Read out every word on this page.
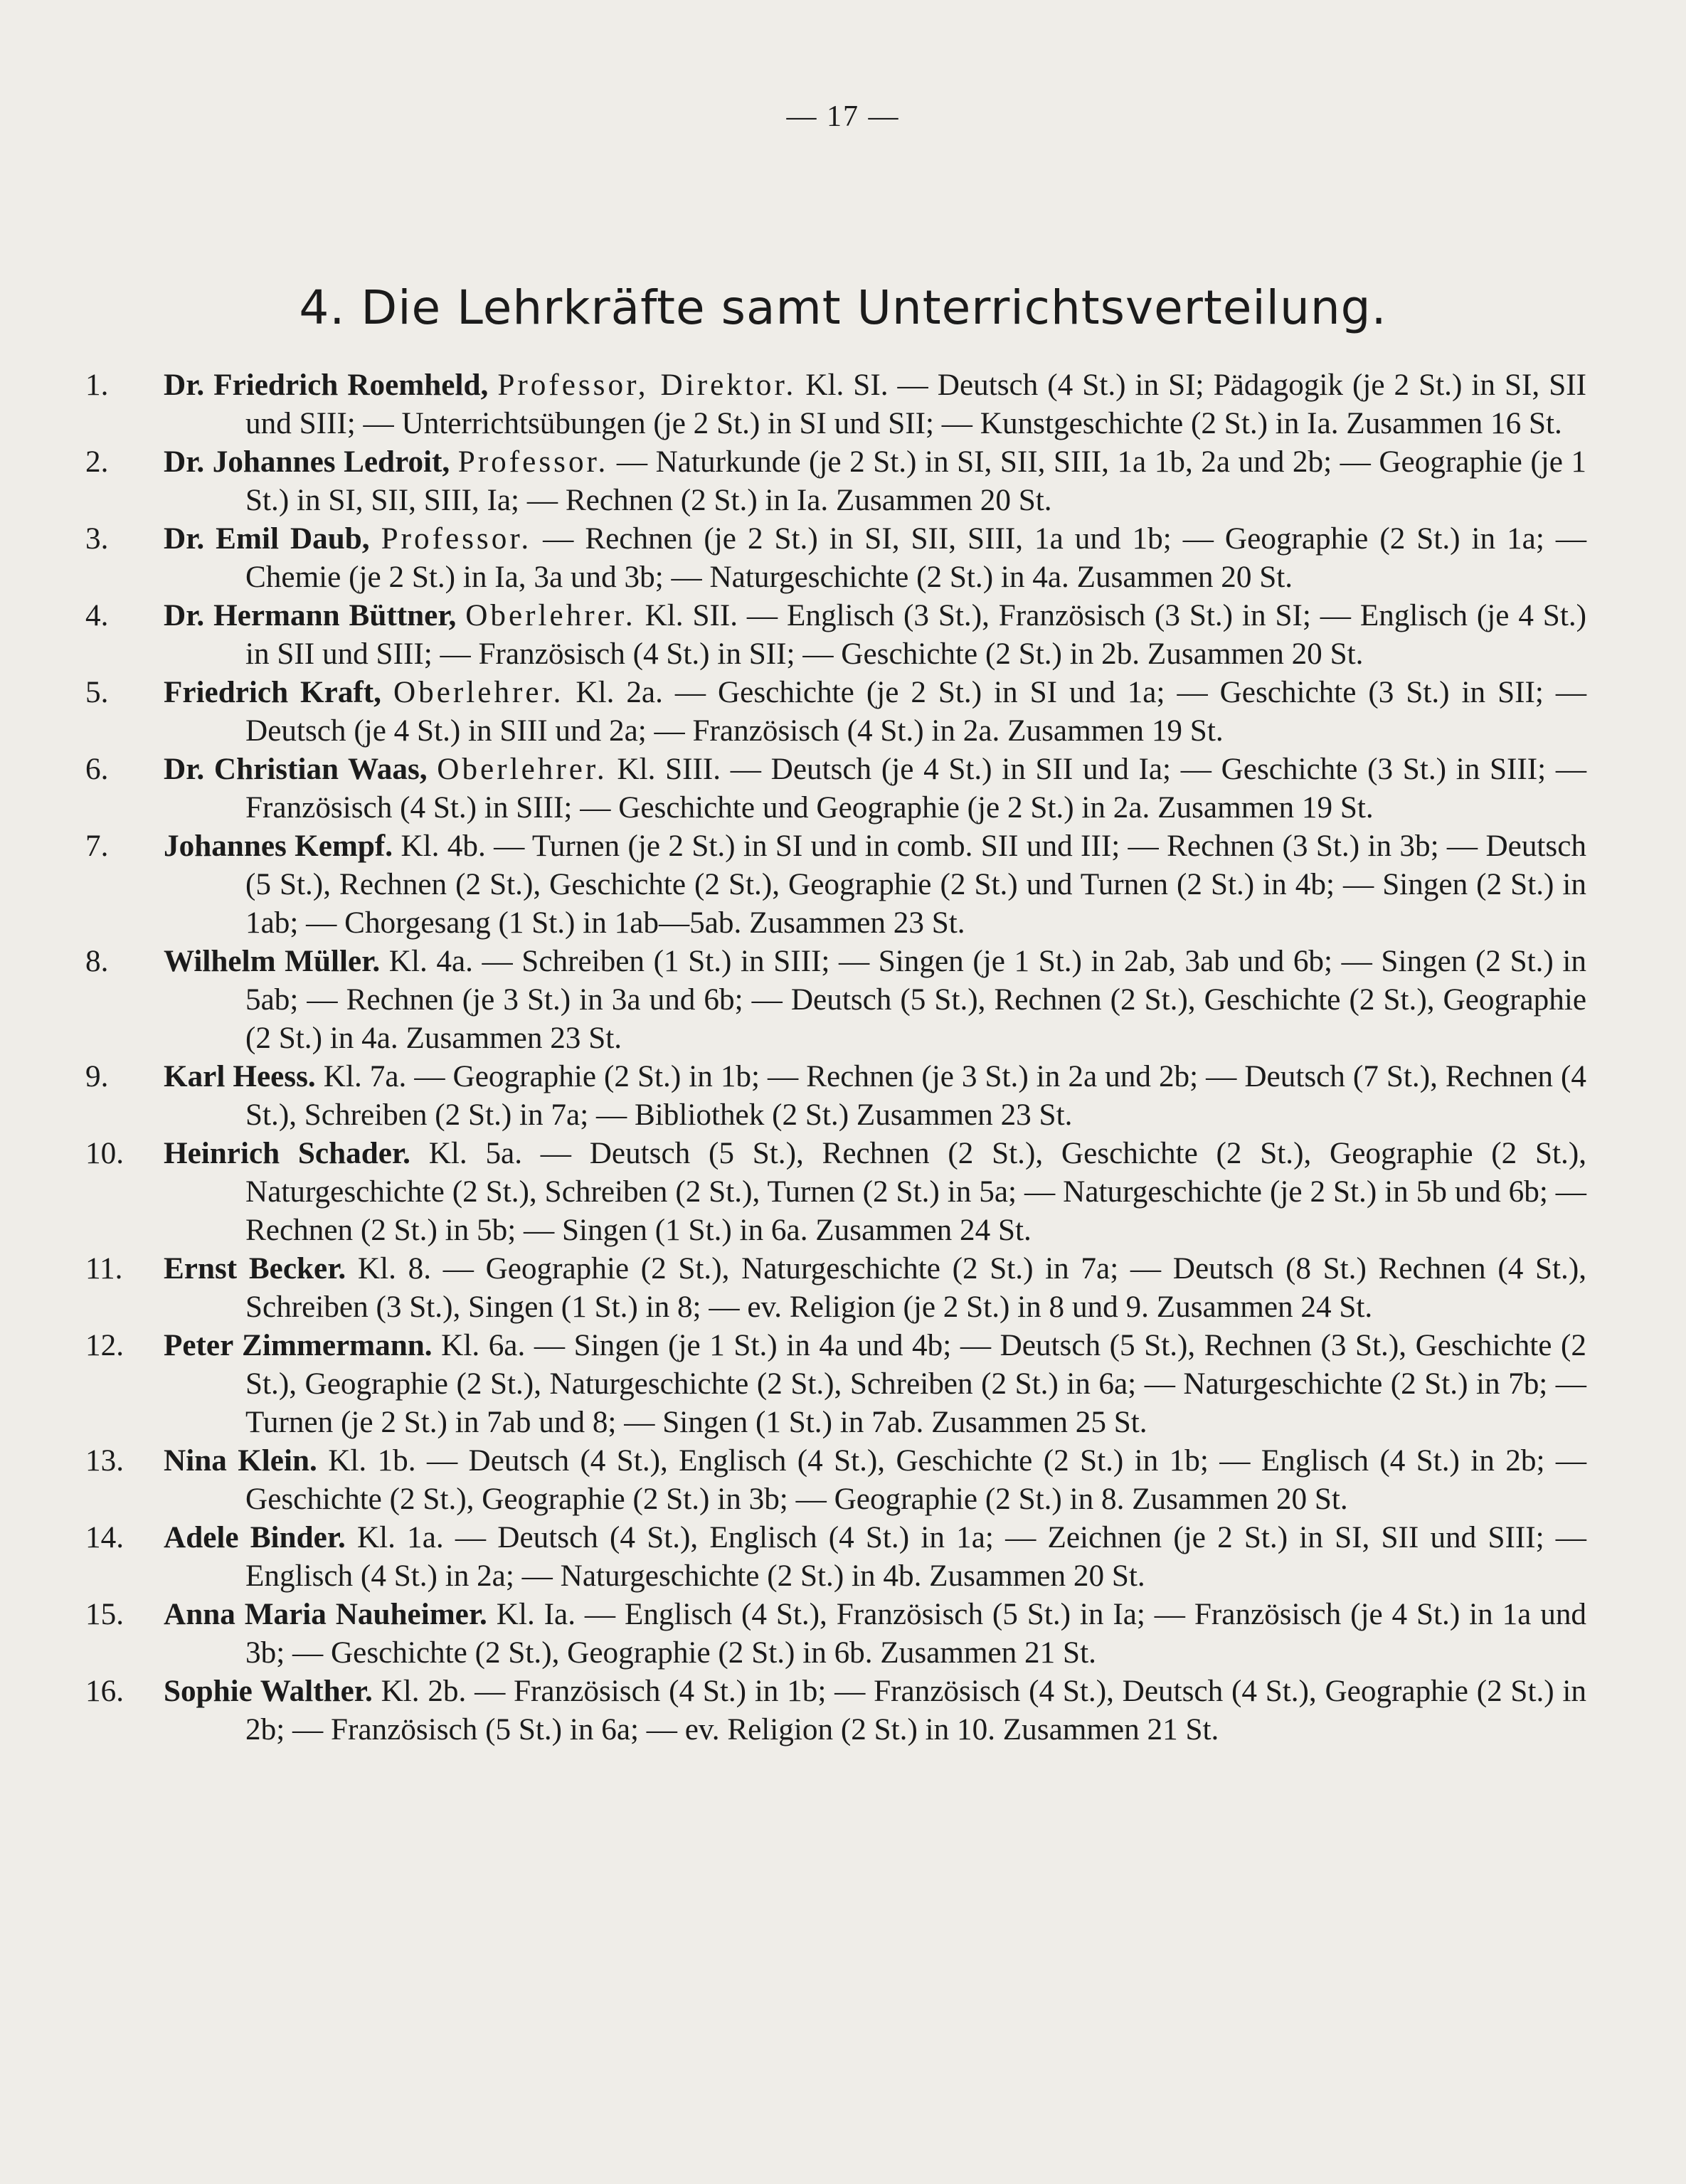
— 17 —
4. Die Lehrkräfte samt Unterrichtsverteilung.
1.	Dr. Friedrich Roemheld, Professor, Direktor. Kl. SI. — Deutsch (4 St.) in SI; Pädagogik (je 2 St.) in SI, SII und SIII; — Unterrichtsübungen (je 2 St.) in SI und SII; — Kunstgeschichte (2 St.) in Ia. Zusammen 16 St.
2.	Dr. Johannes Ledroit, Professor. — Naturkunde (je 2 St.) in SI, SII, SIII, 1a 1b, 2a und 2b; — Geographie (je 1 St.) in SI, SII, SIII, Ia; — Rechnen (2 St.) in Ia. Zusammen 20 St.
3.	Dr. Emil Daub, Professor. — Rechnen (je 2 St.) in SI, SII, SIII, 1a und 1b; — Geographie (2 St.) in 1a; — Chemie (je 2 St.) in Ia, 3a und 3b; — Naturgeschichte (2 St.) in 4a. Zusammen 20 St.
4.	Dr. Hermann Büttner, Oberlehrer. Kl. SII. — Englisch (3 St.), Französisch (3 St.) in SI; — Englisch (je 4 St.) in SII und SIII; — Französisch (4 St.) in SII; — Geschichte (2 St.) in 2b. Zusammen 20 St.
5.	Friedrich Kraft, Oberlehrer. Kl. 2a. — Geschichte (je 2 St.) in SI und 1a; — Geschichte (3 St.) in SII; — Deutsch (je 4 St.) in SIII und 2a; — Französisch (4 St.) in 2a. Zusammen 19 St.
6.	Dr. Christian Waas, Oberlehrer. Kl. SIII. — Deutsch (je 4 St.) in SII und Ia; — Geschichte (3 St.) in SIII; — Französisch (4 St.) in SIII; — Geschichte und Geographie (je 2 St.) in 2a. Zusammen 19 St.
7.	Johannes Kempf. Kl. 4b. — Turnen (je 2 St.) in SI und in comb. SII und III; — Rechnen (3 St.) in 3b; — Deutsch (5 St.), Rechnen (2 St.), Geschichte (2 St.), Geographie (2 St.) und Turnen (2 St.) in 4b; — Singen (2 St.) in 1ab; — Chorgesang (1 St.) in 1ab—5ab. Zusammen 23 St.
8.	Wilhelm Müller. Kl. 4a. — Schreiben (1 St.) in SIII; — Singen (je 1 St.) in 2ab, 3ab und 6b; — Singen (2 St.) in 5ab; — Rechnen (je 3 St.) in 3a und 6b; — Deutsch (5 St.), Rechnen (2 St.), Geschichte (2 St.), Geographie (2 St.) in 4a. Zusammen 23 St.
9.	Karl Heess. Kl. 7a. — Geographie (2 St.) in 1b; — Rechnen (je 3 St.) in 2a und 2b; — Deutsch (7 St.), Rechnen (4 St.), Schreiben (2 St.) in 7a; — Bibliothek (2 St.) Zusammen 23 St.
10.	Heinrich Schader. Kl. 5a. — Deutsch (5 St.), Rechnen (2 St.), Geschichte (2 St.), Geographie (2 St.), Naturgeschichte (2 St.), Schreiben (2 St.), Turnen (2 St.) in 5a; — Naturgeschichte (je 2 St.) in 5b und 6b; — Rechnen (2 St.) in 5b; — Singen (1 St.) in 6a. Zusammen 24 St.
11.	Ernst Becker. Kl. 8. — Geographie (2 St.), Naturgeschichte (2 St.) in 7a; — Deutsch (8 St.) Rechnen (4 St.), Schreiben (3 St.), Singen (1 St.) in 8; — ev. Religion (je 2 St.) in 8 und 9. Zusammen 24 St.
12.	Peter Zimmermann. Kl. 6a. — Singen (je 1 St.) in 4a und 4b; — Deutsch (5 St.), Rechnen (3 St.), Geschichte (2 St.), Geographie (2 St.), Naturgeschichte (2 St.), Schreiben (2 St.) in 6a; — Naturgeschichte (2 St.) in 7b; — Turnen (je 2 St.) in 7ab und 8; — Singen (1 St.) in 7ab. Zusammen 25 St.
13.	Nina Klein. Kl. 1b. — Deutsch (4 St.), Englisch (4 St.), Geschichte (2 St.) in 1b; — Englisch (4 St.) in 2b; — Geschichte (2 St.), Geographie (2 St.) in 3b; — Geographie (2 St.) in 8. Zusammen 20 St.
14.	Adele Binder. Kl. 1a. — Deutsch (4 St.), Englisch (4 St.) in 1a; — Zeichnen (je 2 St.) in SI, SII und SIII; — Englisch (4 St.) in 2a; — Naturgeschichte (2 St.) in 4b. Zusammen 20 St.
15.	Anna Maria Nauheimer. Kl. Ia. — Englisch (4 St.), Französisch (5 St.) in Ia; — Französisch (je 4 St.) in 1a und 3b; — Geschichte (2 St.), Geographie (2 St.) in 6b. Zusammen 21 St.
16.	Sophie Walther. Kl. 2b. — Französisch (4 St.) in 1b; — Französisch (4 St.), Deutsch (4 St.), Geographie (2 St.) in 2b; — Französisch (5 St.) in 6a; — ev. Religion (2 St.) in 10. Zusammen 21 St.
